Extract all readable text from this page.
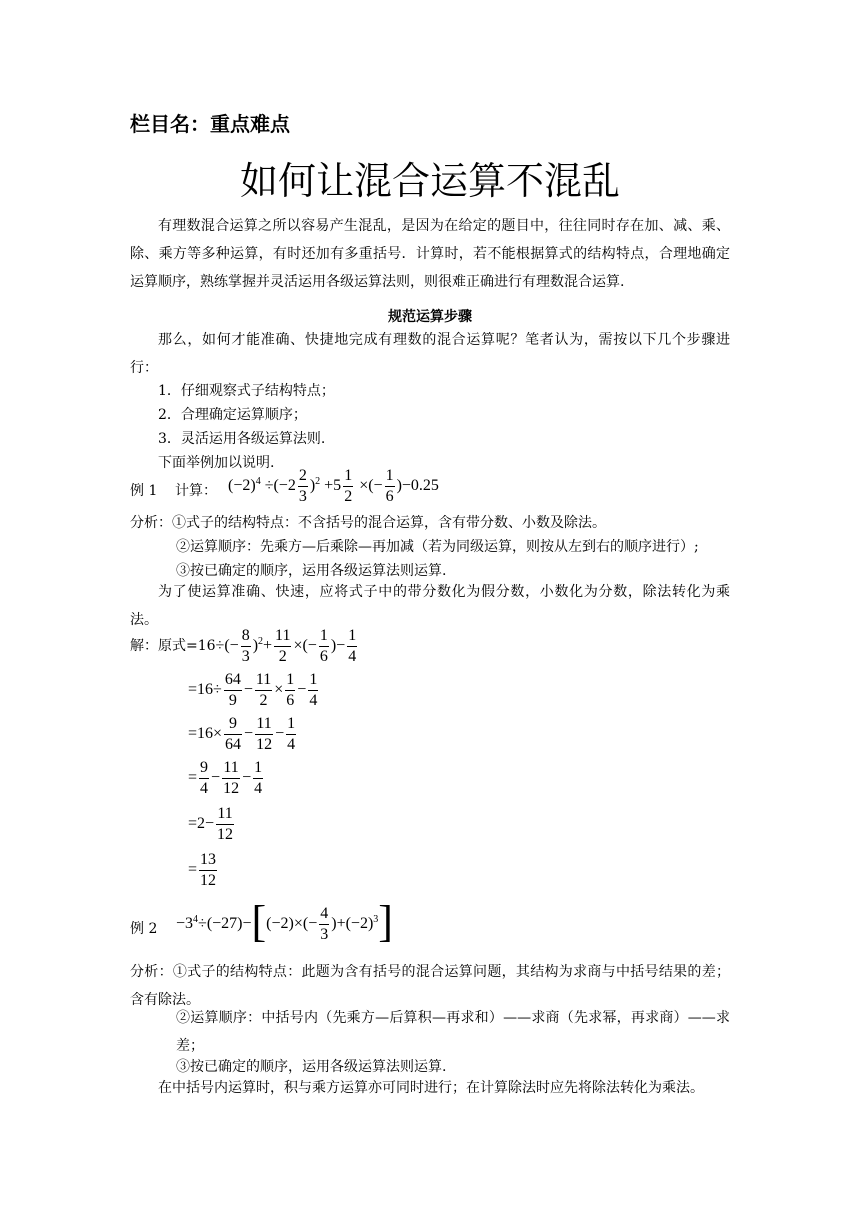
栏目名：重点难点
如何让混合运算不混乱
有理数混合运算之所以容易产生混乱，是因为在给定的题目中，往往同时存在加、减、乘、除、乘方等多种运算，有时还加有多重括号．计算时，若不能根据算式的结构特点，合理地确定运算顺序，熟练掌握并灵活运用各级运算法则，则很难正确进行有理数混合运算.
规范运算步骤
那么，如何才能准确、快捷地完成有理数的混合运算呢？笔者认为，需按以下几个步骤进行：
1．仔细观察式子结构特点；
2．合理确定运算顺序；
3．灵活运用各级运算法则.
下面举例加以说明.
例 1 计算： $(-2)^4 \div(-2 \frac{2}{3} )^2 +5 \frac{1}{2}$ ×(− $\frac{1}{6} )-0.25$
分析：①式子的结构特点：不含括号的混合运算，含有带分数、小数及除法。
②运算顺序：先乘方—后乘除—再加减（若为同级运算，则按从左到右的顺序进行）;
③按已确定的顺序，运用各级运算法则运算.
为了使运算准确、快速，应将式子中的带分数化为假分数，小数化为分数，除法转化为乘法。
解：原式$=16\div(- \frac{8}{3} )^2+ \frac{11}{2}$ ×(− $\frac{1}{6}$ )− $\frac{1}{4}$
$=16\div \frac{64}{9} - \frac{11}{2} \times \frac{1}{6} - \frac{1}{4}$
$=16\times \frac{9}{64} - \frac{11}{12} - \frac{1}{4}$
= $\frac{9}{4} - \frac{11}{12} - \frac{1}{4}$
$=2- \frac{11}{12}$
= $\frac{13}{12}$
例 $2 -3^4\div(-27)-[(-2)\times(- \frac{4}{3} )+(-2)^3]$
分析：①式子的结构特点：此题为含有括号的混合运算问题，其结构为求商与中括号结果的差；含有除法。
②运算顺序：中括号内（先乘方—后算积—再求和）——求商（先求幂，再求商）——求差；
③按已确定的顺序，运用各级运算法则运算.
在中括号内运算时，积与乘方运算亦可同时进行；在计算除法时应先将除法转化为乘法。
